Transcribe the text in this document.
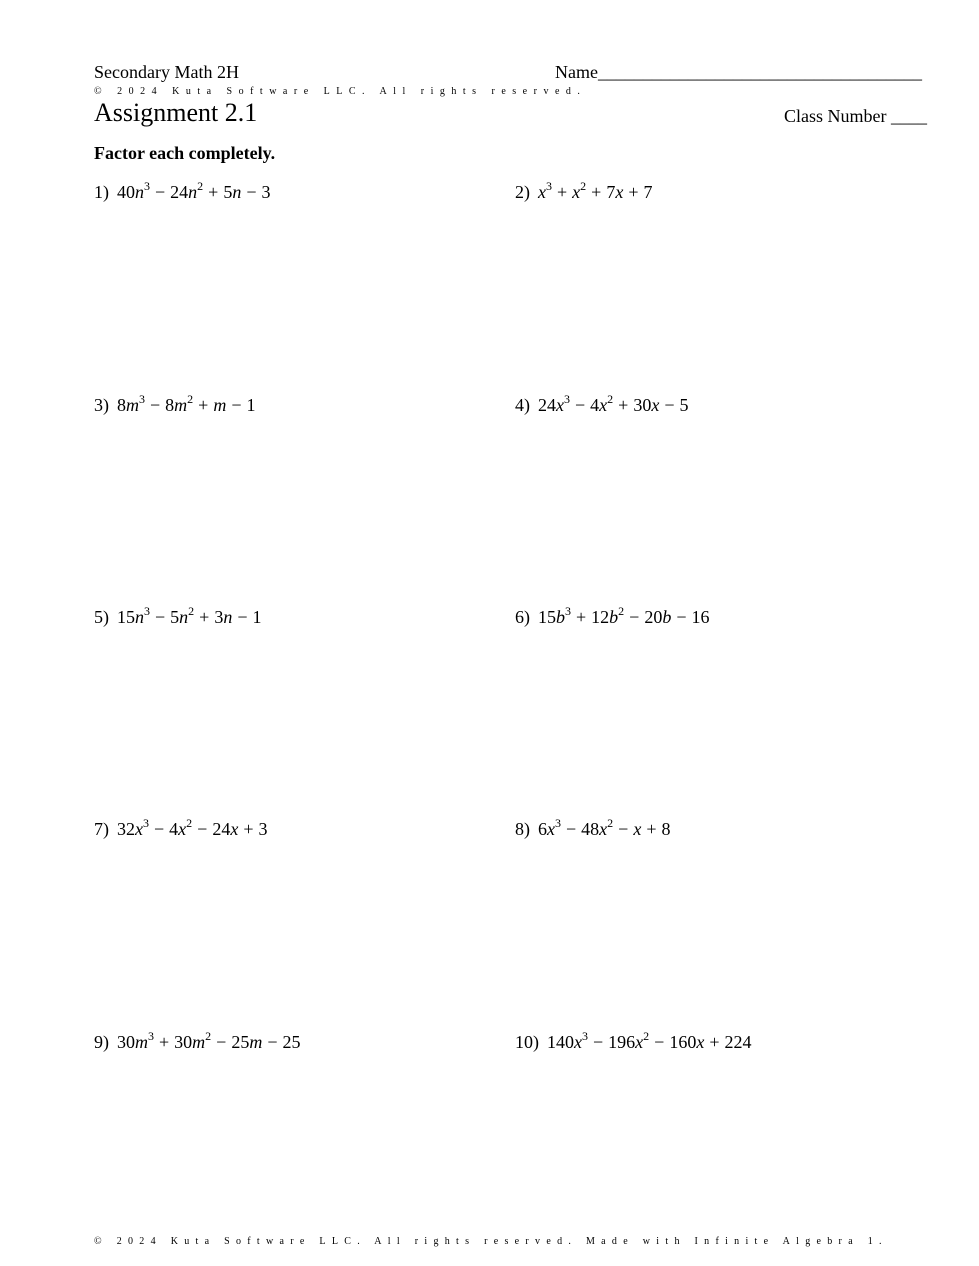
Secondary Math 2H	Name____________________________________
© 2024 Kuta Software LLC. All rights reserved.
Assignment 2.1	Class Number ____
Factor each completely.
1) $40n^3 - 24n^2 + 5n - 3$	2) $x^3 + x^2 + 7x + 7$
3) $8m^3 - 8m^2 + m - 1$	4) $24x^3 - 4x^2 + 30x - 5$
5) $15n^3 - 5n^2 + 3n - 1$	6) $15b^3 + 12b^2 - 20b - 16$
7) $32x^3 - 4x^2 - 24x + 3$	8) $6x^3 - 48x^2 - x + 8$
9) $30m^3 + 30m^2 - 25m - 25$	10) $140x^3 - 196x^2 - 160x + 224$
© 2024 Kuta Software LLC. All rights reserved. Made with Infinite Algebra 1.
